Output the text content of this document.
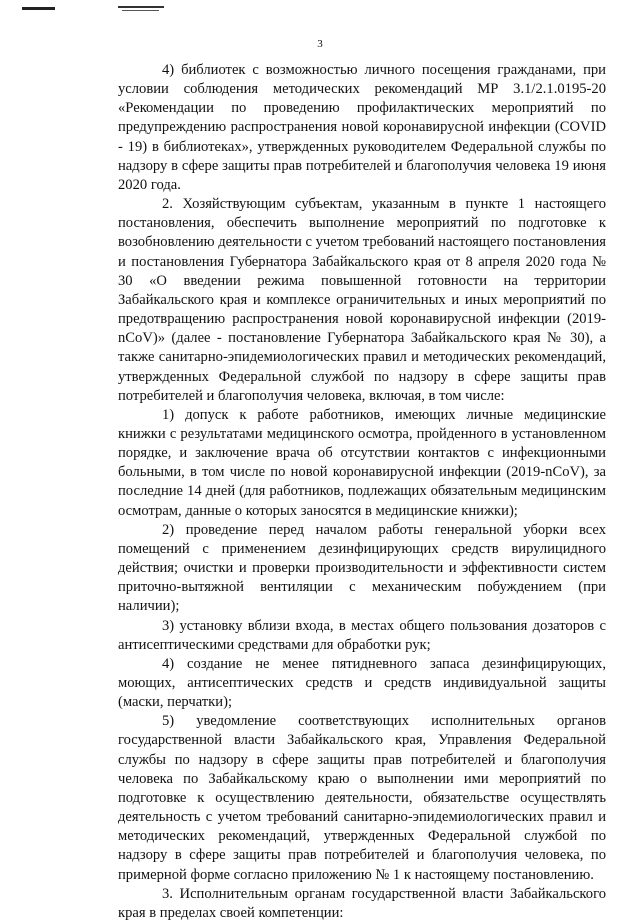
3

4) библиотек с возможностью личного посещения гражданами, при условии соблюдения методических рекомендаций МР 3.1/2.1.0195-20 «Рекомендации по проведению профилактических мероприятий по предупреждению распространения новой коронавирусной инфекции (COVID - 19) в библиотеках», утвержденных руководителем Федеральной службы по надзору в сфере защиты прав потребителей и благополучия человека 19 июня 2020 года.

2. Хозяйствующим субъектам, указанным в пункте 1 настоящего постановления, обеспечить выполнение мероприятий по подготовке к возобновлению деятельности с учетом требований настоящего постановления и постановления Губернатора Забайкальского края от 8 апреля 2020 года № 30 «О введении режима повышенной готовности на территории Забайкальского края и комплексе ограничительных и иных мероприятий по предотвращению распространения новой коронавирусной инфекции (2019-nCoV)» (далее - постановление Губернатора Забайкальского края № 30), а также санитарно-эпидемиологических правил и методических рекомендаций, утвержденных Федеральной службой по надзору в сфере защиты прав потребителей и благополучия человека, включая, в том числе:

1) допуск к работе работников, имеющих личные медицинские книжки с результатами медицинского осмотра, пройденного в установленном порядке, и заключение врача об отсутствии контактов с инфекционными больными, в том числе по новой коронавирусной инфекции (2019-nCoV), за последние 14 дней (для работников, подлежащих обязательным медицинским осмотрам, данные о которых заносятся в медицинские книжки);

2) проведение перед началом работы генеральной уборки всех помещений с применением дезинфицирующих средств вирулицидного действия; очистки и проверки производительности и эффективности систем приточно-вытяжной вентиляции с механическим побуждением (при наличии);

3) установку вблизи входа, в местах общего пользования дозаторов с антисептическими средствами для обработки рук;

4) создание не менее пятидневного запаса дезинфицирующих, моющих, антисептических средств и средств индивидуальной защиты (маски, перчатки);

5) уведомление соответствующих исполнительных органов государственной власти Забайкальского края, Управления Федеральной службы по надзору в сфере защиты прав потребителей и благополучия человека по Забайкальскому краю о выполнении ими мероприятий по подготовке к осуществлению деятельности, обязательстве осуществлять деятельность с учетом требований санитарно-эпидемиологических правил и методических рекомендаций, утвержденных Федеральной службой по надзору в сфере защиты прав потребителей и благополучия человека, по примерной форме согласно приложению № 1 к настоящему постановлению.

3. Исполнительным органам государственной власти Забайкальского края в пределах своей компетенции:
